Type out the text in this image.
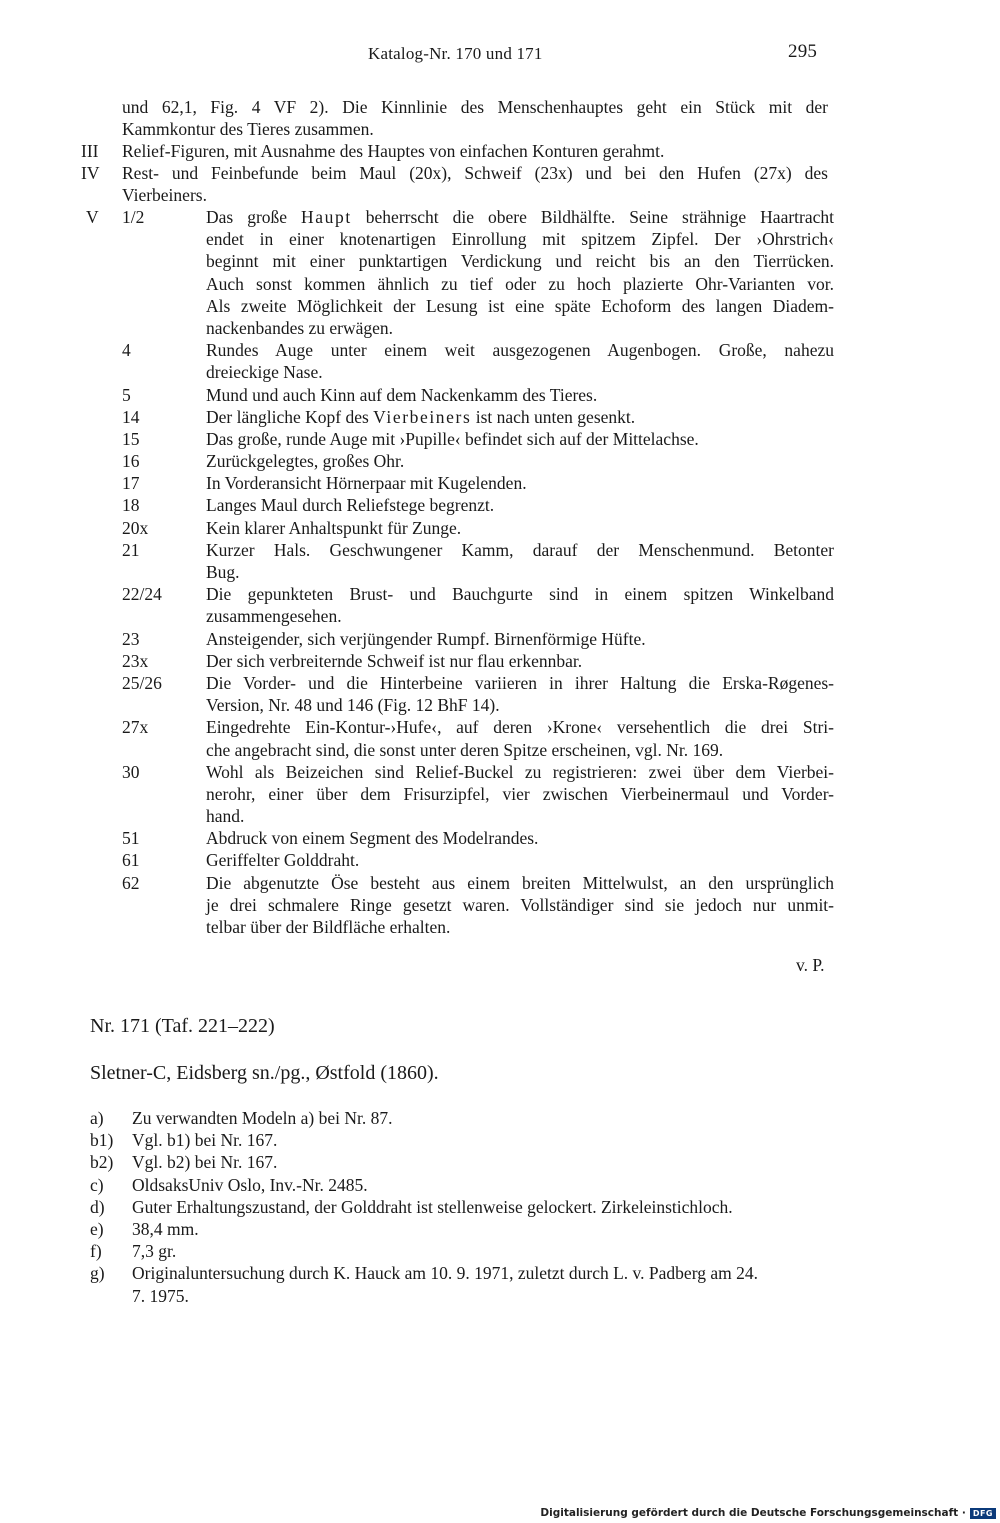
Katalog-Nr. 170 und 171	295
und 62,1, Fig. 4 VF 2). Die Kinnlinie des Menschenhauptes geht ein Stück mit der
Kammkontur des Tieres zusammen.
III Relief-Figuren, mit Ausnahme des Hauptes von einfachen Konturen gerahmt.
IV Rest- und Feinbefunde beim Maul (20x), Schweif (23x) und bei den Hufen (27x) des
Vierbeiners.
V 1/2	Das große Haupt beherrscht die obere Bildhälfte. Seine strähnige Haartracht
endet in einer knotenartigen Einrollung mit spitzem Zipfel. Der ›Ohrstrich‹
beginnt mit einer punktartigen Verdickung und reicht bis an den Tierrücken.
Auch sonst kommen ähnlich zu tief oder zu hoch plazierte Ohr-Varianten vor.
Als zweite Möglichkeit der Lesung ist eine späte Echoform des langen Diadem-
nackenbandes zu erwägen.
4	Rundes Auge unter einem weit ausgezogenen Augenbogen. Große, nahezu
dreieckige Nase.
5	Mund und auch Kinn auf dem Nackenkamm des Tieres.
14	Der längliche Kopf des Vierbeiners ist nach unten gesenkt.
15	Das große, runde Auge mit ›Pupille‹ befindet sich auf der Mittelachse.
16	Zurückgelegtes, großes Ohr.
17	In Vorderansicht Hörnerpaar mit Kugelenden.
18	Langes Maul durch Reliefstege begrenzt.
20x	Kein klarer Anhaltspunkt für Zunge.
21	Kurzer Hals. Geschwungener Kamm, darauf der Menschenmund. Betonter
Bug.
22/24	Die gepunkteten Brust- und Bauchgurte sind in einem spitzen Winkelband
zusammengesehen.
23	Ansteigender, sich verjüngender Rumpf. Birnenförmige Hüfte.
23x	Der sich verbreiternde Schweif ist nur flau erkennbar.
25/26	Die Vorder- und die Hinterbeine variieren in ihrer Haltung die Erska-Røgenes-
Version, Nr. 48 und 146 (Fig. 12 BhF 14).
27x	Eingedrehte Ein-Kontur-›Hufe‹, auf deren ›Krone‹ versehentlich die drei Stri-
che angebracht sind, die sonst unter deren Spitze erscheinen, vgl. Nr. 169.
30	Wohl als Beizeichen sind Relief-Buckel zu registrieren: zwei über dem Vierbei-
nerohr, einer über dem Frisurzipfel, vier zwischen Vierbeinermaul und Vorder-
hand.
51	Abdruck von einem Segment des Modelrandes.
61	Geriffelter Golddraht.
62	Die abgenutzte Öse besteht aus einem breiten Mittelwulst, an den ursprünglich
je drei schmalere Ringe gesetzt waren. Vollständiger sind sie jedoch nur unmit-
telbar über der Bildfläche erhalten.
v. P.
Nr. 171 (Taf. 221–222)
Sletner-C, Eidsberg sn./pg., Østfold (1860).
a) Zu verwandten Modeln a) bei Nr. 87.
b1) Vgl. b1) bei Nr. 167.
b2) Vgl. b2) bei Nr. 167.
c) OldsaksUniv Oslo, Inv.-Nr. 2485.
d) Guter Erhaltungszustand, der Golddraht ist stellenweise gelockert. Zirkeleinstichloch.
e) 38,4 mm.
f) 7,3 gr.
g) Originaluntersuchung durch K. Hauck am 10. 9. 1971, zuletzt durch L. v. Padberg am 24.
7. 1975.
Digitalisierung gefördert durch die Deutsche Forschungsgemeinschaft · DFG
